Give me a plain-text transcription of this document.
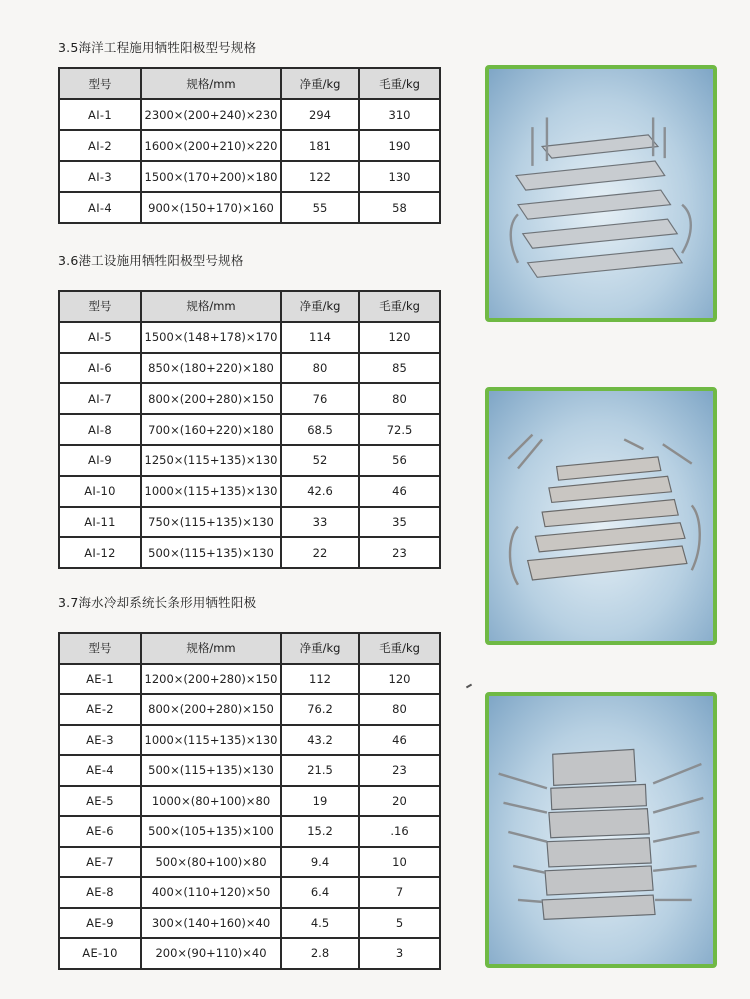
3.5海洋工程施用牺牲阳极型号规格
型号	规格/mm	净重/kg	毛重/kg
AI-1	2300×(200+240)×230	294	310
AI-2	1600×(200+210)×220	181	190
AI-3	1500×(170+200)×180	122	130
AI-4	900×(150+170)×160	55	58
3.6港工设施用牺牲阳极型号规格
型号	规格/mm	净重/kg	毛重/kg
AI-5	1500×(148+178)×170	114	120
AI-6	850×(180+220)×180	80	85
AI-7	800×(200+280)×150	76	80
AI-8	700×(160+220)×180	68.5	72.5
AI-9	1250×(115+135)×130	52	56
AI-10	1000×(115+135)×130	42.6	46
AI-11	750×(115+135)×130	33	35
AI-12	500×(115+135)×130	22	23
3.7海水冷却系统长条形用牺牲阳极
型号	规格/mm	净重/kg	毛重/kg
AE-1	1200×(200+280)×150	112	120
AE-2	800×(200+280)×150	76.2	80
AE-3	1000×(115+135)×130	43.2	46
AE-4	500×(115+135)×130	21.5	23
AE-5	1000×(80+100)×80	19	20
AE-6	500×(105+135)×100	15.2	.16
AE-7	500×(80+100)×80	9.4	10
AE-8	400×(110+120)×50	6.4	7
AE-9	300×(140+160)×40	4.5	5
AE-10	200×(90+110)×40	2.8	3
